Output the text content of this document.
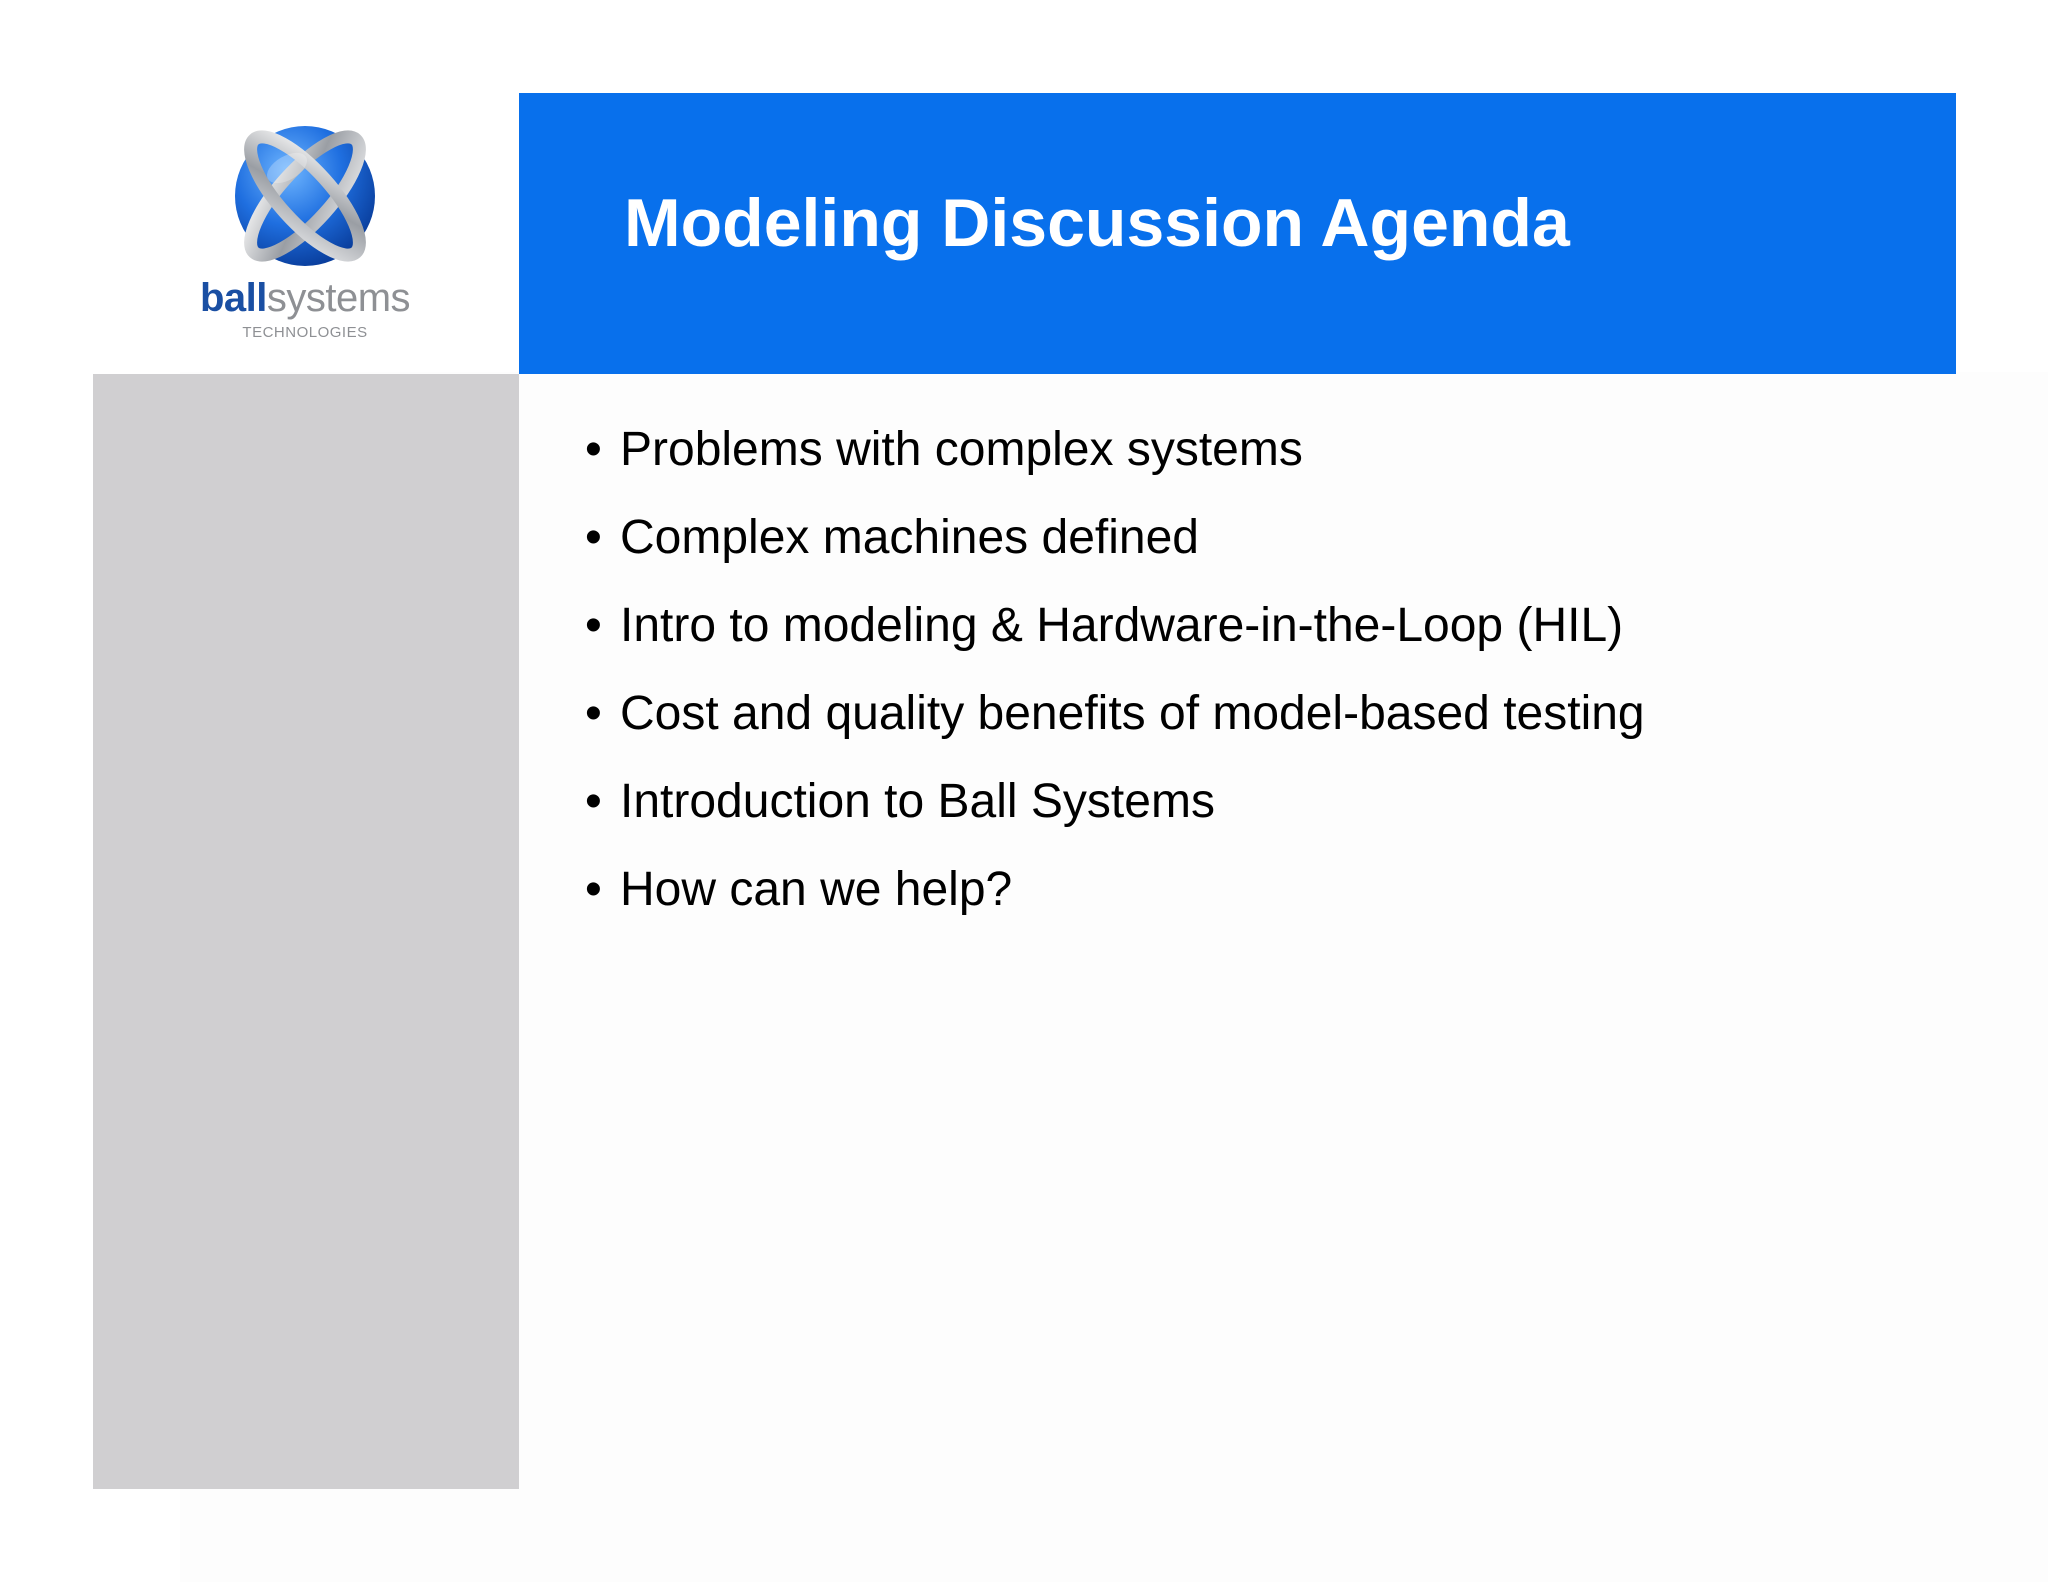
ballsystems
TECHNOLOGIES
Modeling Discussion Agenda
• Problems with complex systems
• Complex machines defined
• Intro to modeling & Hardware-in-the-Loop (HIL)
• Cost and quality benefits of model-based testing
• Introduction to Ball Systems
• How can we help?
